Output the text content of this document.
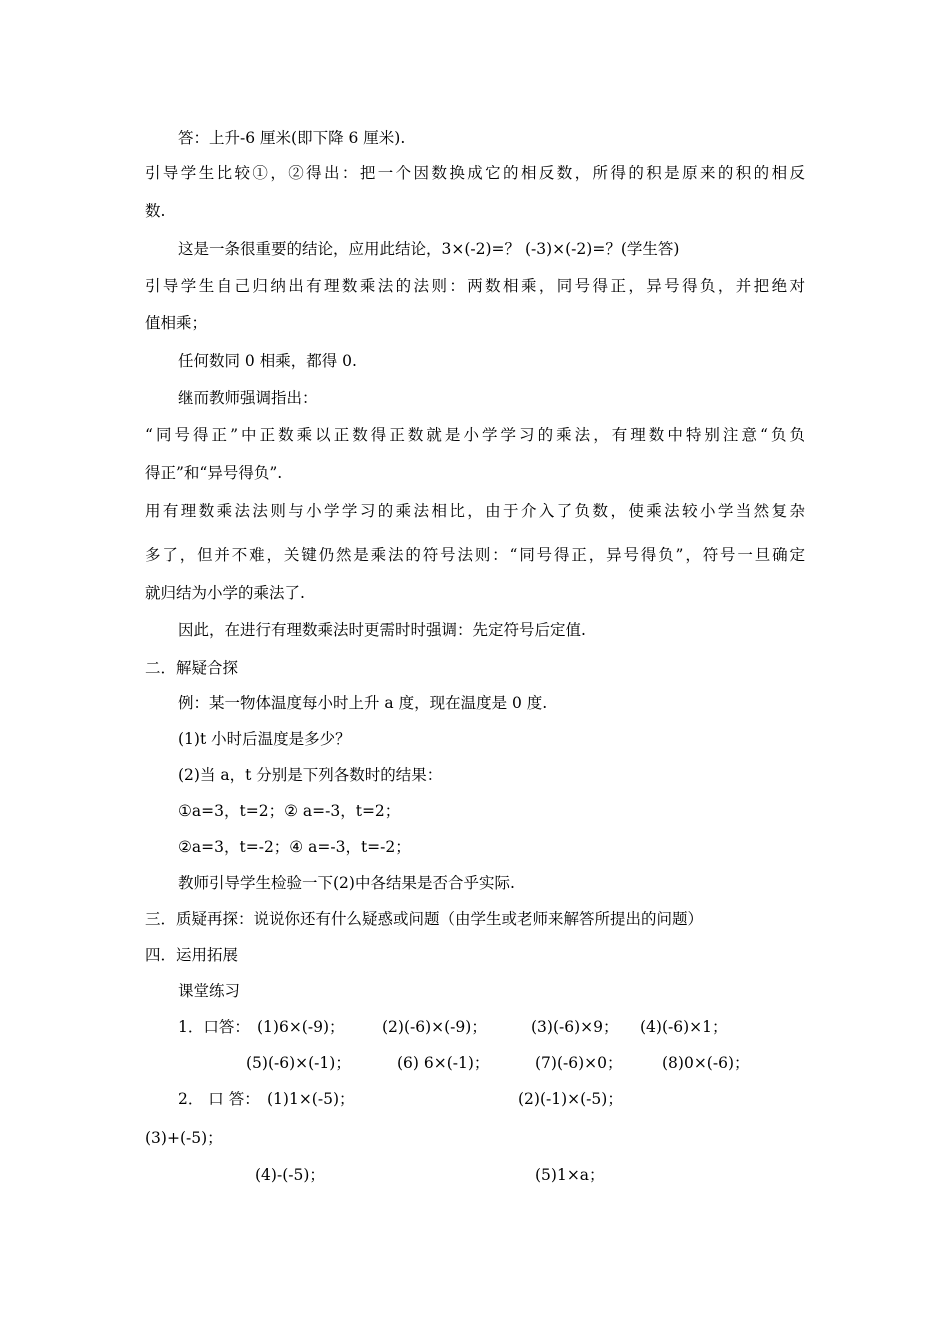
答：上升-6 厘米(即下降 6 厘米).
引导学生比较①，②得出：把一个因数换成它的相反数，所得的积是原来的积的相反
数.
这是一条很重要的结论，应用此结论，3×(-2)=？ (-3)×(-2)=？(学生答)
引导学生自己归纳出有理数乘法的法则：两数相乘，同号得正，异号得负，并把绝对
值相乘；
任何数同 0 相乘，都得 0.
继而教师强调指出：
“同号得正”中正数乘以正数得正数就是小学学习的乘法，有理数中特别注意“负负
得正”和“异号得负”.
用有理数乘法法则与小学学习的乘法相比，由于介入了负数，使乘法较小学当然复杂
多了，但并不难，关键仍然是乘法的符号法则：“同号得正，异号得负”，符号一旦确定
就归结为小学的乘法了.
因此，在进行有理数乘法时更需时时强调：先定符号后定值.
二．解疑合探
例：某一物体温度每小时上升 a 度，现在温度是 0 度.
(1)t 小时后温度是多少？
(2)当 a，t 分别是下列各数时的结果：
①a=3，t=2；② a=-3，t=2；
②a=3，t=-2；④ a=-3，t=-2；
教师引导学生检验一下(2)中各结果是否合乎实际.
三．质疑再探：说说你还有什么疑惑或问题（由学生或老师来解答所提出的问题）
四．运用拓展
课堂练习
1．口答： (1)6×(-9)； (2)(-6)×(-9)；	(3)(-6)×9； (4)(-6)×1；
(5)(-6)×(-1)；	(6) 6×(-1)；	(7)(-6)×0；	(8)0×(-6)；
2． 口 答： (1)1×(-5)；	(2)(-1)×(-5)；
(3)+(-5)；
(4)-(-5)；	(5)1×a；
